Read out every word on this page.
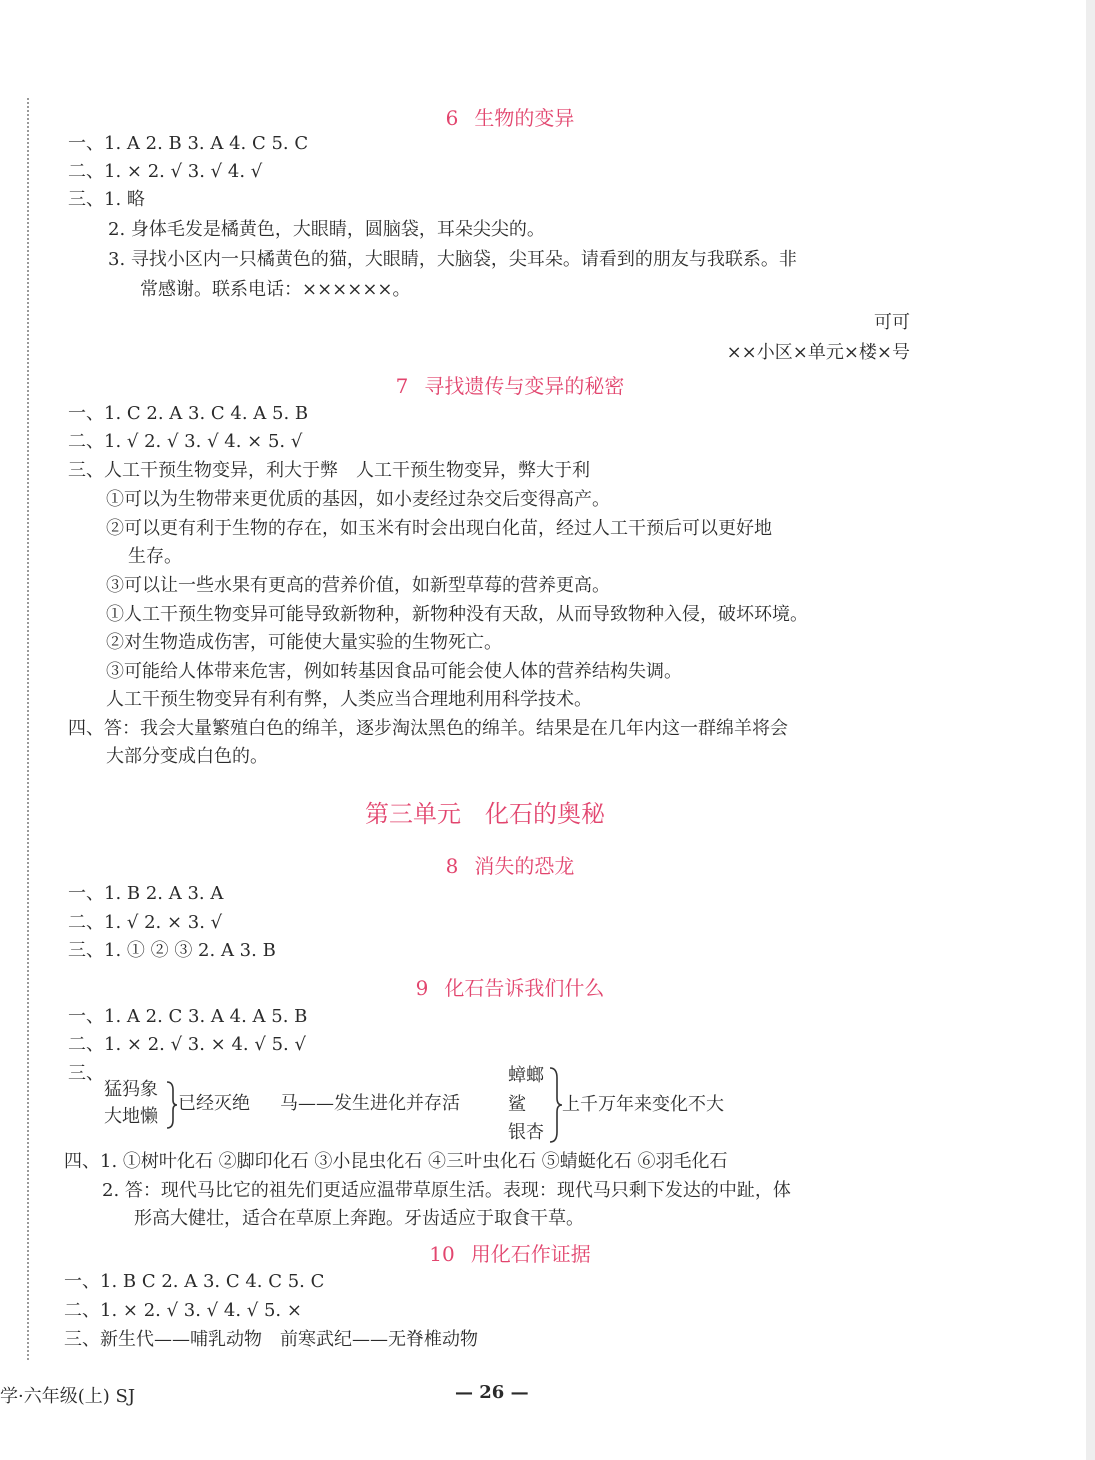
6 生物的变异
一、1. A 2. B 3. A 4. C 5. C
二、1. × 2. √ 3. √ 4. √
三、1. 略
2. 身体毛发是橘黄色，大眼睛，圆脑袋，耳朵尖尖的。
3. 寻找小区内一只橘黄色的猫，大眼睛，大脑袋，尖耳朵。请看到的朋友与我联系。非
常感谢。联系电话：××××××。
可可
××小区×单元×楼×号
7 寻找遗传与变异的秘密
一、1. C 2. A 3. C 4. A 5. B
二、1. √ 2. √ 3. √ 4. × 5. √
三、人工干预生物变异，利大于弊　人工干预生物变异，弊大于利
①可以为生物带来更优质的基因，如小麦经过杂交后变得高产。
②可以更有利于生物的存在，如玉米有时会出现白化苗，经过人工干预后可以更好地
生存。
③可以让一些水果有更高的营养价值，如新型草莓的营养更高。
①人工干预生物变异可能导致新物种，新物种没有天敌，从而导致物种入侵，破坏环境。
②对生物造成伤害，可能使大量实验的生物死亡。
③可能给人体带来危害，例如转基因食品可能会使人体的营养结构失调。
人工干预生物变异有利有弊，人类应当合理地利用科学技术。
四、答：我会大量繁殖白色的绵羊，逐步淘汰黑色的绵羊。结果是在几年内这一群绵羊将会
大部分变成白色的。
第三单元 化石的奥秘
8 消失的恐龙
一、1. B 2. A 3. A
二、1. √ 2. × 3. √
三、1. ① ② ③ 2. A 3. B
9 化石告诉我们什么
一、1. A 2. C 3. A 4. A 5. B
二、1. × 2. √ 3. × 4. √ 5. √
三、
猛犸象
大地懒
已经灭绝 马——发生进化并存活
蟑螂
鲨
银杏
上千万年来变化不大
四、1. ①树叶化石 ②脚印化石 ③小昆虫化石 ④三叶虫化石 ⑤蜻蜓化石 ⑥羽毛化石
2. 答：现代马比它的祖先们更适应温带草原生活。表现：现代马只剩下发达的中趾，体
形高大健壮，适合在草原上奔跑。牙齿适应于取食干草。
10 用化石作证据
一、1. B C 2. A 3. C 4. C 5. C
二、1. × 2. √ 3. √ 4. √ 5. ×
三、新生代——哺乳动物　前寒武纪——无脊椎动物
学·六年级(上) SJ	— 26 —
